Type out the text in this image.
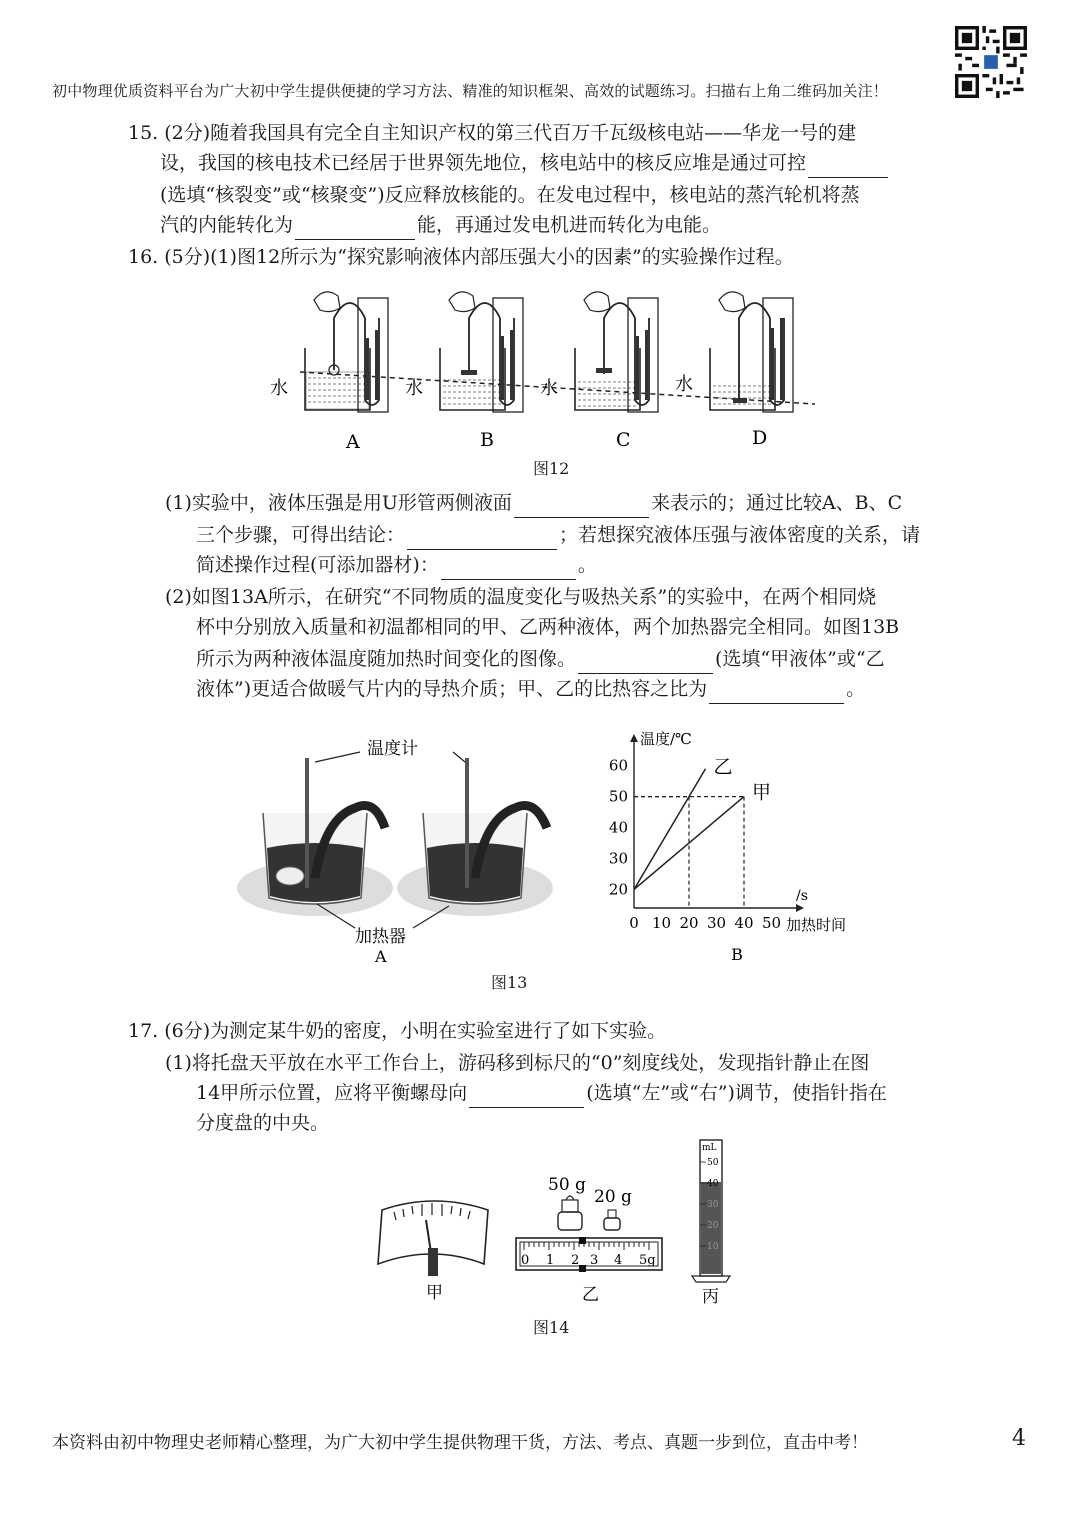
初中物理优质资料平台为广大初中学生提供便捷的学习方法、精准的知识框架、高效的试题练习。扫描右上角二维码加关注！
15. (2分)随着我国具有完全自主知识产权的第三代百万千瓦级核电站——华龙一号的建
设，我国的核电技术已经居于世界领先地位，核电站中的核反应堆是通过可控
(选填“核裂变”或“核聚变”)反应释放核能的。在发电过程中，核电站的蒸汽轮机将蒸
汽的内能转化为	能，再通过发电机进而转化为电能。
16. (5分)(1)图12所示为“探究影响液体内部压强大小的因素”的实验操作过程。
水	水	水	水
A	B	C	D
图12
(1)实验中，液体压强是用U形管两侧液面	来表示的；通过比较A、B、C
三个步骤，可得出结论：	；若想探究液体压强与液体密度的关系，请
简述操作过程(可添加器材)：	。
(2)如图13A所示，在研究“不同物质的温度变化与吸热关系”的实验中，在两个相同烧
杯中分别放入质量和初温都相同的甲、乙两种液体，两个加热器完全相同。如图13B
所示为两种液体温度随加热时间变化的图像。	(选填“甲液体”或“乙
液体”)更适合做暖气片内的导热介质；甲、乙的比热容之比为	。
温度计
加热器
A
温度/℃
/s
加热时间
0 10 20 30 40 50
20
30
40
50
60	乙
甲
B
图13
17. (6分)为测定某牛奶的密度，小明在实验室进行了如下实验。
(1)将托盘天平放在水平工作台上，游码移到标尺的“0”刻度线处，发现指针静止在图
14甲所示位置，应将平衡螺母向	(选填“左”或“右”)调节，使指针指在
分度盘的中央。
50 g
20 g
0 1 2 3 4 5g
mL
50
40
30
20
10
甲	乙	丙
图14
本资料由初中物理史老师精心整理，为广大初中学生提供物理干货，方法、考点、真题一步到位，直击中考！	4
